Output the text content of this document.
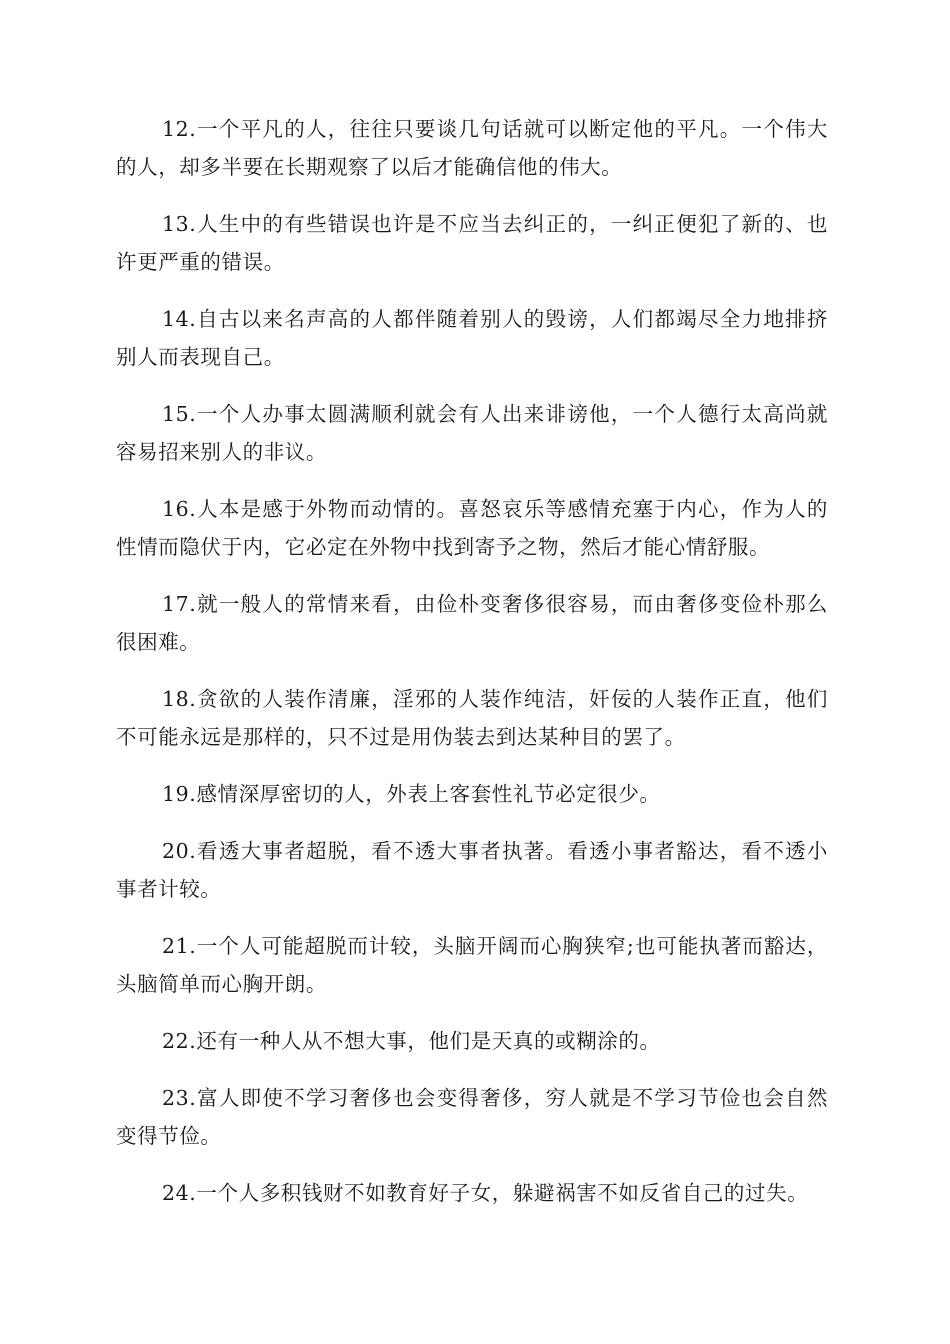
12.一个平凡的人，往往只要谈几句话就可以断定他的平凡。一个伟大的人，却多半要在长期观察了以后才能确信他的伟大。

13.人生中的有些错误也许是不应当去纠正的，一纠正便犯了新的、也许更严重的错误。

14.自古以来名声高的人都伴随着别人的毁谤，人们都竭尽全力地排挤别人而表现自己。

15.一个人办事太圆满顺利就会有人出来诽谤他，一个人德行太高尚就容易招来别人的非议。

16.人本是感于外物而动情的。喜怒哀乐等感情充塞于内心，作为人的性情而隐伏于内，它必定在外物中找到寄予之物，然后才能心情舒服。

17.就一般人的常情来看，由俭朴变奢侈很容易，而由奢侈变俭朴那么很困难。

18.贪欲的人装作清廉，淫邪的人装作纯洁，奸佞的人装作正直，他们不可能永远是那样的，只不过是用伪装去到达某种目的罢了。

19.感情深厚密切的人，外表上客套性礼节必定很少。

20.看透大事者超脱，看不透大事者执著。看透小事者豁达，看不透小事者计较。

21.一个人可能超脱而计较，头脑开阔而心胸狭窄;也可能执著而豁达，头脑简单而心胸开朗。

22.还有一种人从不想大事，他们是天真的或糊涂的。

23.富人即使不学习奢侈也会变得奢侈，穷人就是不学习节俭也会自然变得节俭。

24.一个人多积钱财不如教育好子女，躲避祸害不如反省自己的过失。
